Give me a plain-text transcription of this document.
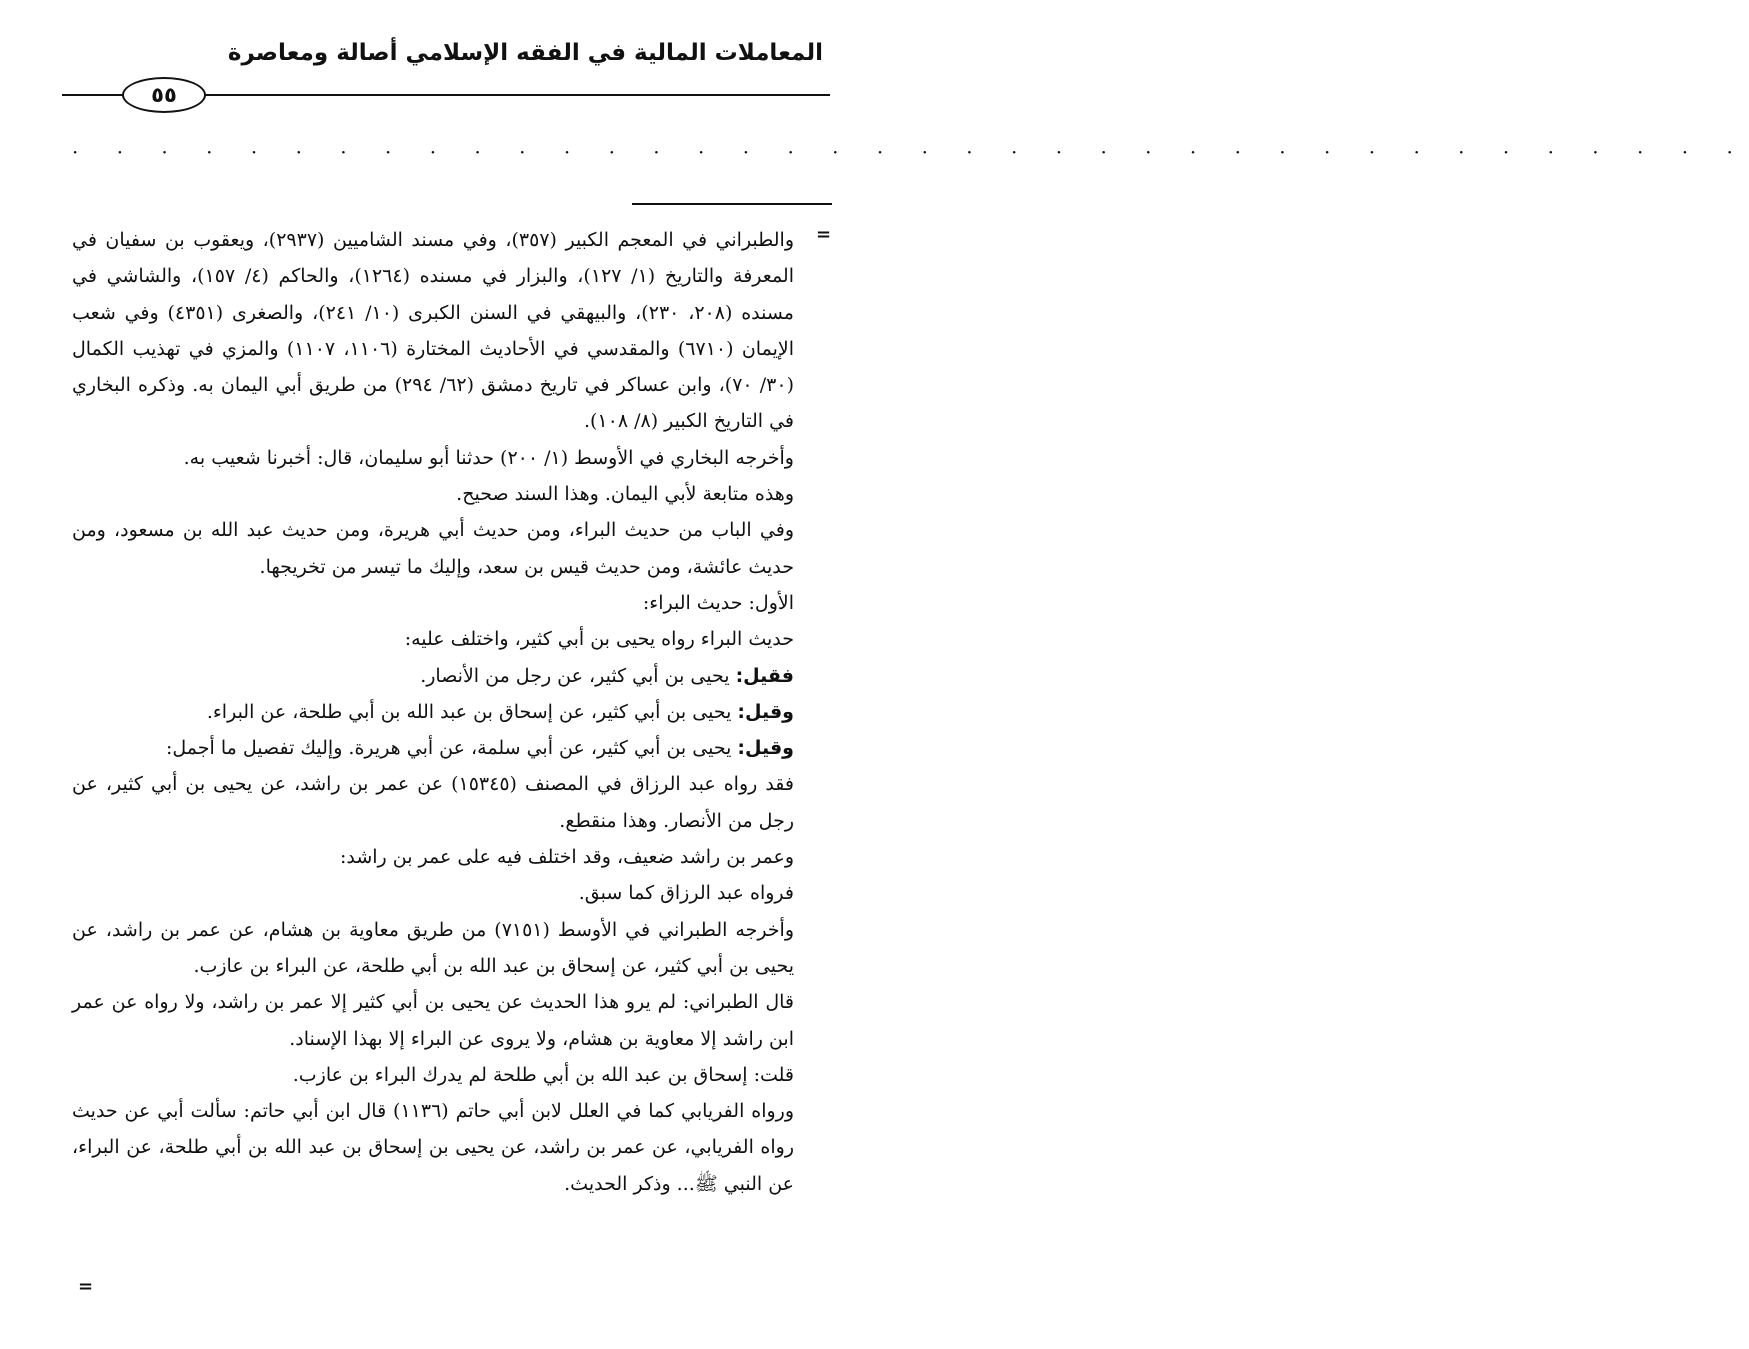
المعاملات المالية في الفقه الإسلامي أصالة ومعاصرة
٥٥
· · · · · · · · · · · · · · · · · · · · · · · · · · · · · · · · · · · · · ·
=

والطبراني في المعجم الكبير (٣٥٧)، وفي مسند الشاميين (٢٩٣٧)، ويعقوب بن سفيان في المعرفة والتاريخ (١/ ١٢٧)، والبزار في مسنده (١٢٦٤)، والحاكم (٤/ ١٥٧)، والشاشي في مسنده (٢٠٨، ٢٣٠)، والبيهقي في السنن الكبرى (١٠/ ٢٤١)، والصغرى (٤٣٥١) وفي شعب الإيمان (٦٧١٠) والمقدسي في الأحاديث المختارة (١١٠٦، ١١٠٧) والمزي في تهذيب الكمال (٣٠/ ٧٠)، وابن عساكر في تاريخ دمشق (٦٢/ ٢٩٤) من طريق أبي اليمان به. وذكره البخاري في التاريخ الكبير (٨/ ١٠٨).

وأخرجه البخاري في الأوسط (١/ ٢٠٠) حدثنا أبو سليمان، قال: أخبرنا شعيب به.

وهذه متابعة لأبي اليمان. وهذا السند صحيح.

وفي الباب من حديث البراء، ومن حديث أبي هريرة، ومن حديث عبد الله بن مسعود، ومن حديث عائشة، ومن حديث قيس بن سعد، وإليك ما تيسر من تخريجها.

الأول: حديث البراء:

حديث البراء رواه يحيى بن أبي كثير، واختلف عليه:

فقيل: يحيى بن أبي كثير، عن رجل من الأنصار.

وقيل: يحيى بن أبي كثير، عن إسحاق بن عبد الله بن أبي طلحة، عن البراء.

وقيل: يحيى بن أبي كثير، عن أبي سلمة، عن أبي هريرة. وإليك تفصيل ما أجمل:

فقد رواه عبد الرزاق في المصنف (١٥٣٤٥) عن عمر بن راشد، عن يحيى بن أبي كثير، عن رجل من الأنصار. وهذا منقطع.

وعمر بن راشد ضعيف، وقد اختلف فيه على عمر بن راشد:

فرواه عبد الرزاق كما سبق.

وأخرجه الطبراني في الأوسط (٧١٥١) من طريق معاوية بن هشام، عن عمر بن راشد، عن يحيى بن أبي كثير، عن إسحاق بن عبد الله بن أبي طلحة، عن البراء بن عازب.

قال الطبراني: لم يرو هذا الحديث عن يحيى بن أبي كثير إلا عمر بن راشد، ولا رواه عن عمر ابن راشد إلا معاوية بن هشام، ولا يروى عن البراء إلا بهذا الإسناد.

قلت: إسحاق بن عبد الله بن أبي طلحة لم يدرك البراء بن عازب.

ورواه الفريابي كما في العلل لابن أبي حاتم (١١٣٦) قال ابن أبي حاتم: سألت أبي عن حديث رواه الفريابي، عن عمر بن راشد، عن يحيى بن إسحاق بن عبد الله بن أبي طلحة، عن البراء، عن النبي ﷺ... وذكر الحديث.

=
